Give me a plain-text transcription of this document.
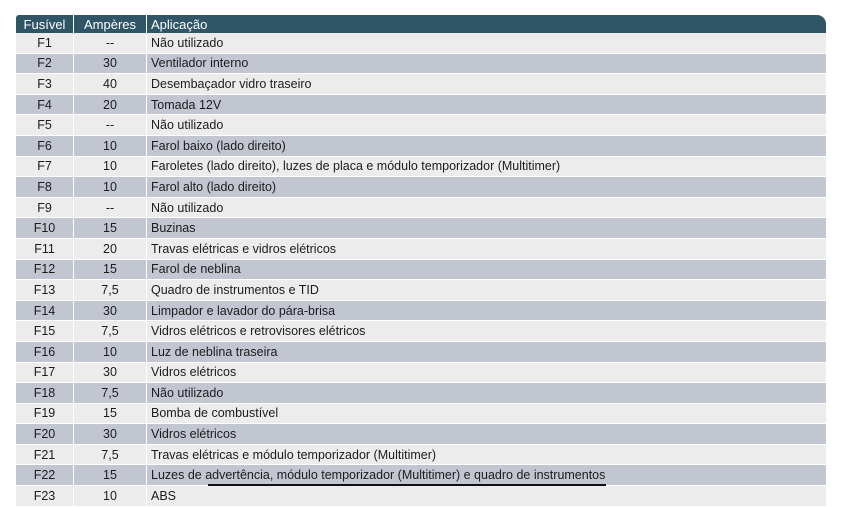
Fusível	Ampères	Aplicação
F1	--	Não utilizado
F2	30	Ventilador interno
F3	40	Desembaçador vidro traseiro
F4	20	Tomada 12V
F5	--	Não utilizado
F6	10	Farol baixo (lado direito)
F7	10	Faroletes (lado direito), luzes de placa e módulo temporizador (Multitimer)
F8	10	Farol alto (lado direito)
F9	--	Não utilizado
F10	15	Buzinas
F11	20	Travas elétricas e vidros elétricos
F12	15	Farol de neblina
F13	7,5	Quadro de instrumentos e TID
F14	30	Limpador e lavador do pára-brisa
F15	7,5	Vidros elétricos e retrovisores elétricos
F16	10	Luz de neblina traseira
F17	30	Vidros elétricos
F18	7,5	Não utilizado
F19	15	Bomba de combustível
F20	30	Vidros elétricos
F21	7,5	Travas elétricas e módulo temporizador (Multitimer)
F22	15	Luzes de advertência, módulo temporizador (Multitimer) e quadro de instrumentos
F23	10	ABS
